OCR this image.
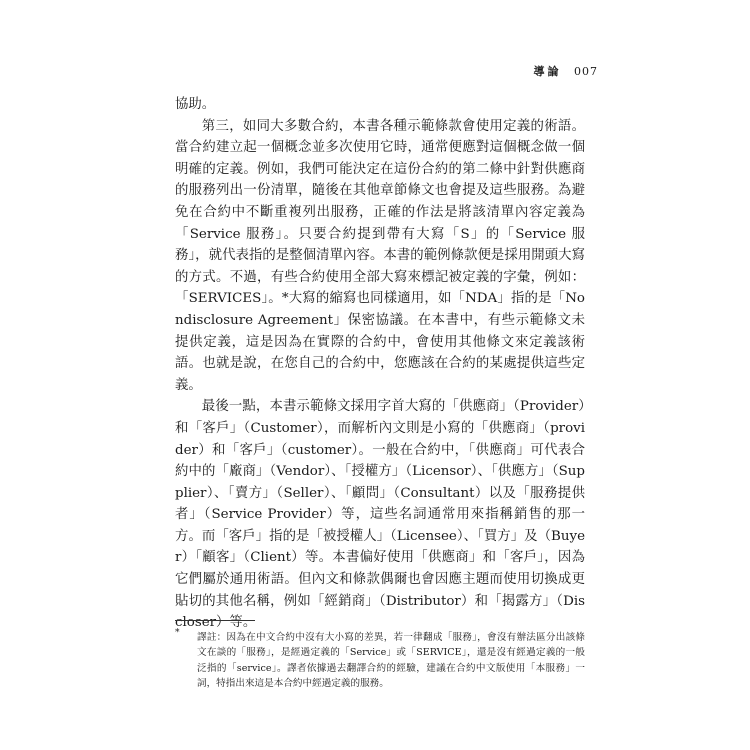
導論 007

協助。

第三，如同大多數合約，本書各種示範條款會使用定義的術語。當合約建立起一個概念並多次使用它時，通常便應對這個概念做一個明確的定義。例如，我們可能決定在這份合約的第二條中針對供應商的服務列出一份清單，隨後在其他章節條文也會提及這些服務。為避免在合約中不斷重複列出服務，正確的作法是將該清單內容定義為「Service 服務」。只要合約提到帶有大寫「S」的「Service 服務」，就代表指的是整個清單內容。本書的範例條款便是採用開頭大寫的方式。不過，有些合約使用全部大寫來標記被定義的字彙，例如：「SERVICES」。*大寫的縮寫也同樣適用，如「NDA」指的是「Nondisclosure Agreement」保密協議。在本書中，有些示範條文未提供定義，這是因為在實際的合約中，會使用其他條文來定義該術語。也就是說，在您自己的合約中，您應該在合約的某處提供這些定義。

最後一點，本書示範條文採用字首大寫的「供應商」（Provider）和「客戶」（Customer），而解析內文則是小寫的「供應商」（provider）和「客戶」（customer）。一般在合約中，「供應商」可代表合約中的「廠商」（Vendor）、「授權方」（Licensor）、「供應方」（Supplier）、「賣方」（Seller）、「顧問」（Consultant）以及「服務提供者」（Service Provider）等，這些名詞通常用來指稱銷售的那一方。而「客戶」指的是「被授權人」（Licensee）、「買方」及（Buyer）「顧客」（Client）等。本書偏好使用「供應商」和「客戶」，因為它們屬於通用術語。但內文和條款偶爾也會因應主題而使用切換成更貼切的其他名稱，例如「經銷商」（Distributor）和「揭露方」（Discloser）等。

*	譯註：因為在中文合約中沒有大小寫的差異，若一律翻成「服務」，會沒有辦法區分出該條文在談的「服務」，是經過定義的「Service」或「SERVICE」，還是沒有經過定義的一般泛指的「service」。譯者依據過去翻譯合約的經驗，建議在合約中文版使用「本服務」一詞，特指出來這是本合約中經過定義的服務。
